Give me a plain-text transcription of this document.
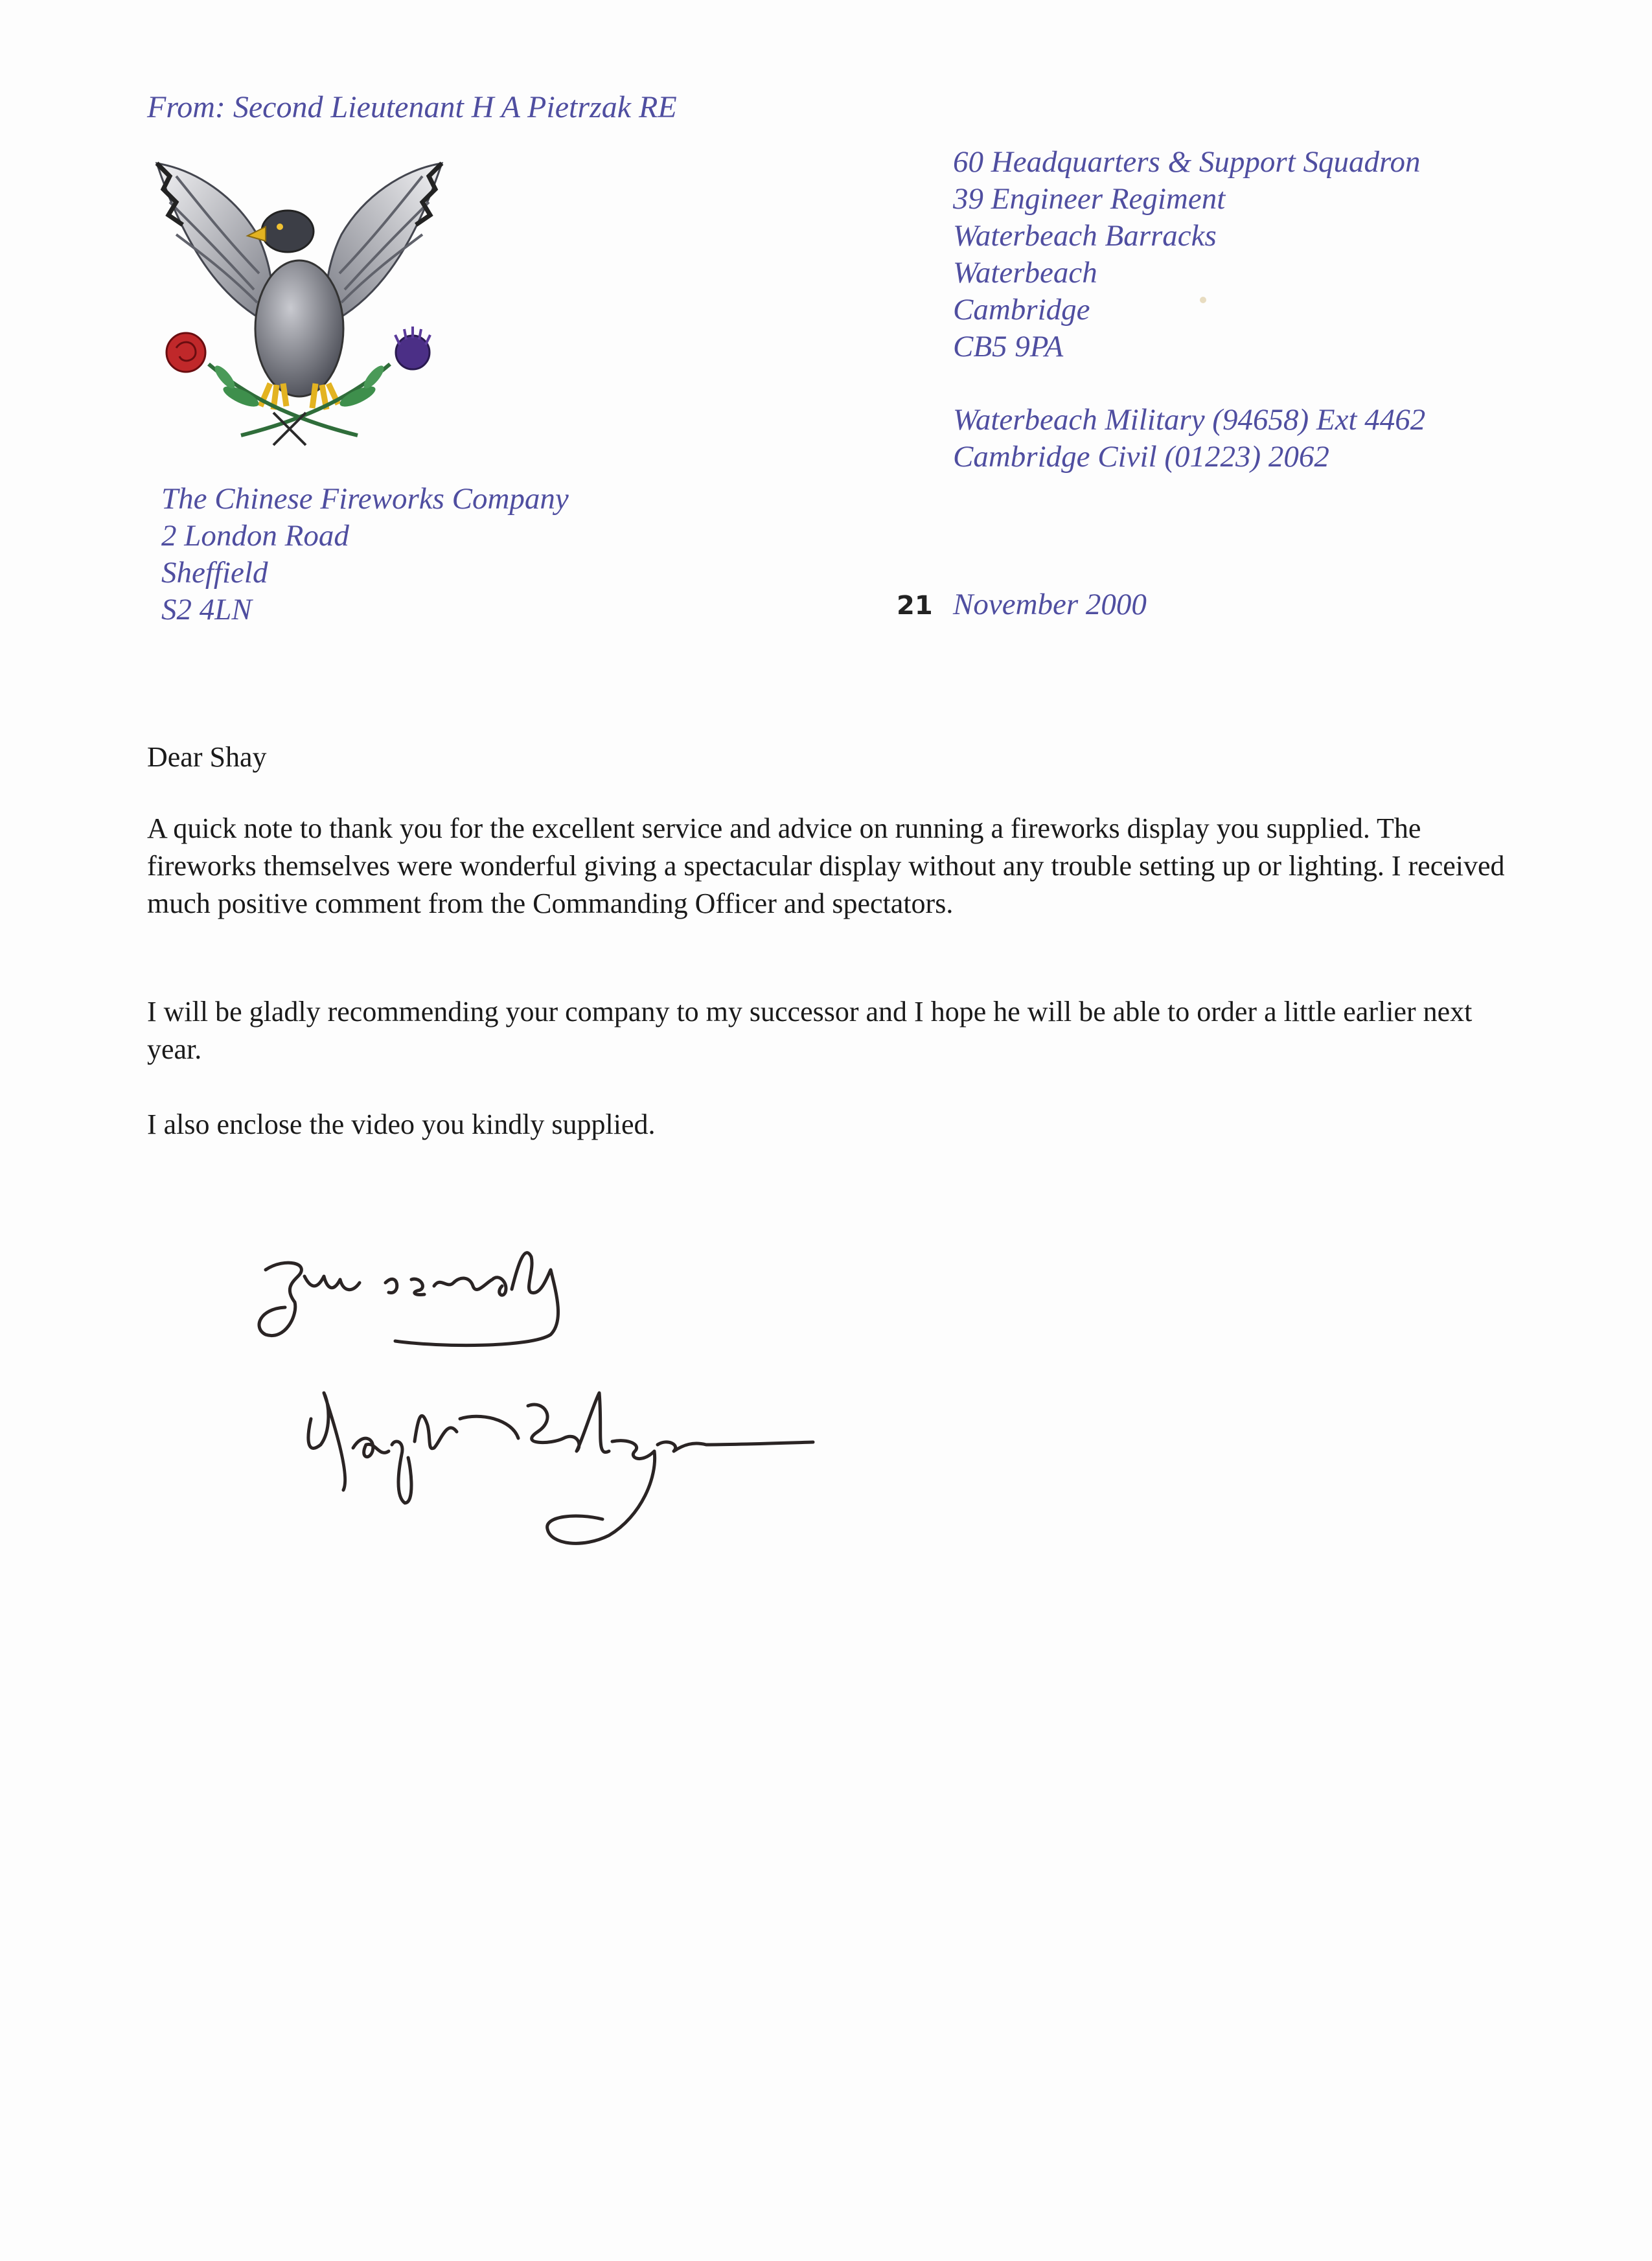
From: Second Lieutenant H A Pietrzak RE
60 Headquarters & Support Squadron
39 Engineer Regiment
Waterbeach Barracks
Waterbeach
Cambridge
CB5 9PA
Waterbeach Military (94658) Ext 4462
Cambridge Civil (01223) 2062
The Chinese Fireworks Company
2 London Road
Sheffield
S2 4LN	21 November 2000
Dear Shay
A quick note to thank you for the excellent service and advice on running a fireworks display you supplied. The fireworks themselves were wonderful giving a spectacular display without any trouble setting up or lighting. I received much positive comment from the Commanding Officer and spectators.
I will be gladly recommending your company to my successor and I hope he will be able to order a little earlier next year.
I also enclose the video you kindly supplied.
